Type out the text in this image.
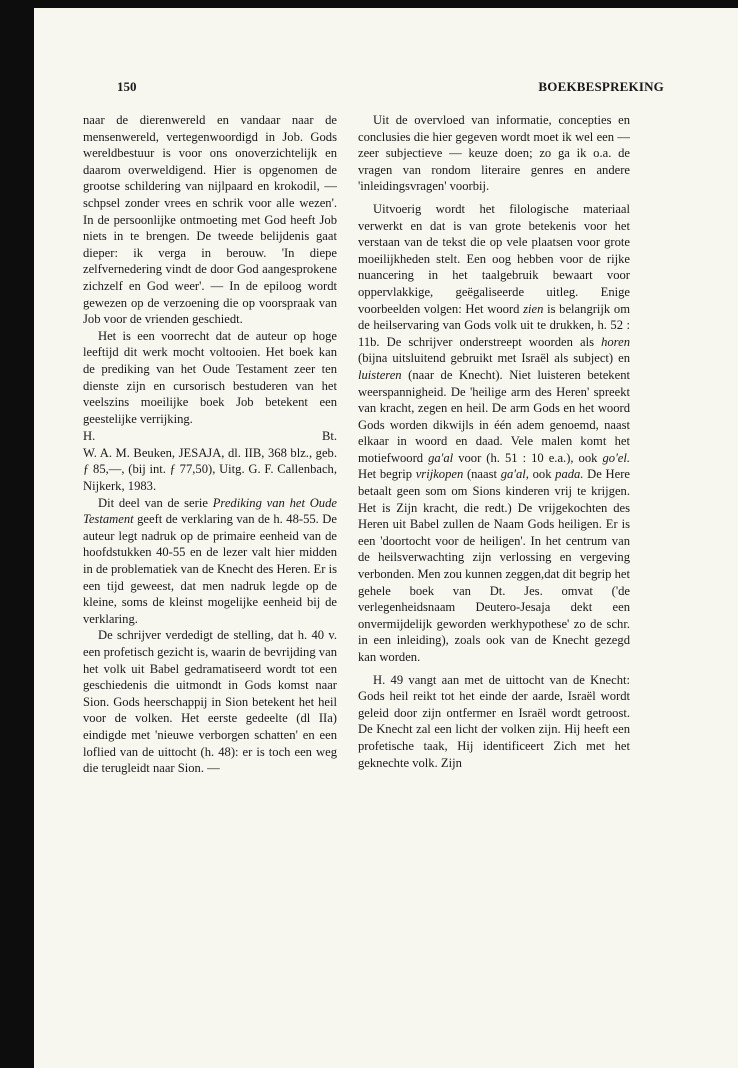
150	BOEKBESPREKING

naar de dierenwereld en vandaar naar de mensenwereld, vertegenwoordigd in Job. Gods wereldbestuur is voor ons onoverzichtelijk en daarom overweldigend. Hier is opgenomen de grootse schildering van nijlpaard en krokodil, — schpsel zonder vrees en schrik voor alle wezen'. In de persoonlijke ontmoeting met God heeft Job niets in te brengen. De tweede belijdenis gaat dieper: ik verga in berouw. 'In diepe zelfvernedering vindt de door God aangesprokene zichzelf en God weer'. — In de epiloog wordt gewezen op de verzoening die op voorspraak van Job voor de vrienden geschiedt.

Het is een voorrecht dat de auteur op hoge leeftijd dit werk mocht voltooien. Het boek kan de prediking van het Oude Testament zeer ten dienste zijn en cursorisch bestuderen van het veelszins moeilijke boek Job betekent een geestelijke verrijking.

H.	Bt.

W. A. M. Beuken, JESAJA, dl. IIB, 368 blz., geb. ƒ 85,—, (bij int. ƒ 77,50), Uitg. G. F. Callenbach, Nijkerk, 1983.

Dit deel van de serie Prediking van het Oude Testament geeft de verklaring van de h. 48-55. De auteur legt nadruk op de primaire eenheid van de hoofdstukken 40-55 en de lezer valt hier midden in de problematiek van de Knecht des Heren. Er is een tijd geweest, dat men nadruk legde op de kleine, soms de kleinst mogelijke eenheid bij de verklaring.

De schrijver verdedigt de stelling, dat h. 40 v. een profetisch gezicht is, waarin de bevrijding van het volk uit Babel gedramatiseerd wordt tot een geschiedenis die uitmondt in Gods komst naar Sion. Gods heerschappij in Sion betekent het heil voor de volken. Het eerste gedeelte (dl IIa) eindigde met 'nieuwe verborgen schatten' en een loflied van de uittocht (h. 48): er is toch een weg die terugleidt naar Sion. —

Uit de overvloed van informatie, concepties en conclusies die hier gegeven wordt moet ik wel een — zeer subjectieve — keuze doen; zo ga ik o.a. de vragen van rondom literaire genres en andere 'inleidingsvragen' voorbij.

Uitvoerig wordt het filologische materiaal verwerkt en dat is van grote betekenis voor het verstaan van de tekst die op vele plaatsen voor grote moeilijkheden stelt. Een oog hebben voor de rijke nuancering in het taalgebruik bewaart voor oppervlakkige, geëgaliseerde uitleg. Enige voorbeelden volgen: Het woord zien is belangrijk om de heilservaring van Gods volk uit te drukken, h. 52 : 11b. De schrijver onderstreept woorden als horen (bijna uitsluitend gebruikt met Israël als subject) en luisteren (naar de Knecht). Niet luisteren betekent weerspannigheid. De 'heilige arm des Heren' spreekt van kracht, zegen en heil. De arm Gods en het woord Gods worden dikwijls in één adem genoemd, naast elkaar in woord en daad. Vele malen komt het motiefwoord ga'al voor (h. 51 : 10 e.a.), ook go'el. Het begrip vrijkopen (naast ga'al, ook pada. De Here betaalt geen som om Sions kinderen vrij te krijgen. Het is Zijn kracht, die redt.) De vrijgekochten des Heren uit Babel zullen de Naam Gods heiligen. Er is een 'doortocht voor de heiligen'. In het centrum van de heilsverwachting zijn verlossing en vergeving verbonden. Men zou kunnen zeggen,dat dit begrip het gehele boek van Dt. Jes. omvat ('de verlegenheidsnaam Deutero-Jesaja dekt een onvermijdelijk geworden werkhypothese' zo de schr. in een inleiding), zoals ook van de Knecht gezegd kan worden.

H. 49 vangt aan met de uittocht van de Knecht: Gods heil reikt tot het einde der aarde, Israël wordt geleid door zijn ontfermer en Israël wordt getroost. De Knecht zal een licht der volken zijn. Hij heeft een profetische taak, Hij identificeert Zich met het geknechte volk. Zijn
